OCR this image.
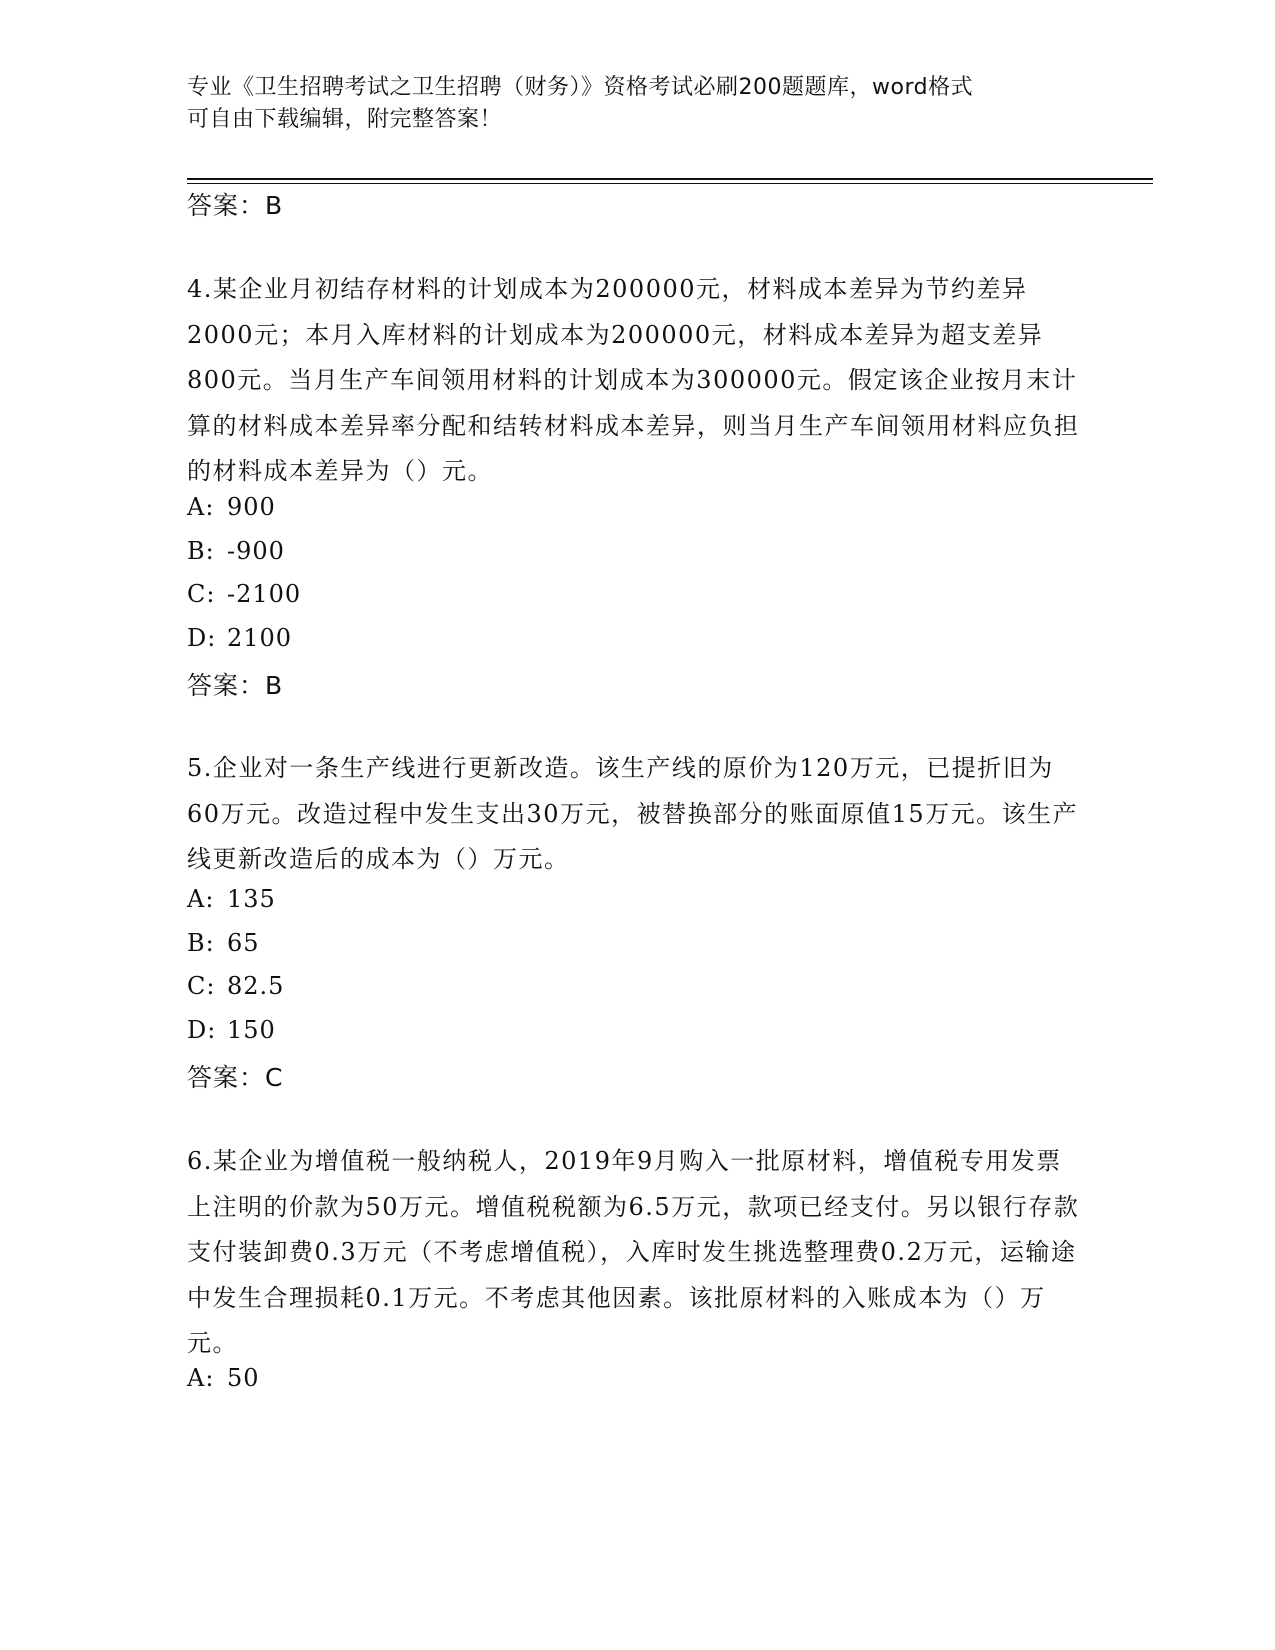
专业《卫生招聘考试之卫生招聘（财务）》资格考试必刷200题题库，word格式
可自由下载编辑，附完整答案！
答案：B
4.某企业月初结存材料的计划成本为200000元，材料成本差异为节约差异2000元；本月入库材料的计划成本为200000元，材料成本差异为超支差异800元。当月生产车间领用材料的计划成本为300000元。假定该企业按月末计算的材料成本差异率分配和结转材料成本差异，则当月生产车间领用材料应负担的材料成本差异为（）元。
A: 900
B: -900
C: -2100
D: 2100
答案：B
5.企业对一条生产线进行更新改造。该生产线的原价为120万元，已提折旧为60万元。改造过程中发生支出30万元，被替换部分的账面原值15万元。该生产线更新改造后的成本为（）万元。
A: 135
B: 65
C: 82.5
D: 150
答案：C
6.某企业为增值税一般纳税人，2019年9月购入一批原材料，增值税专用发票上注明的价款为50万元。增值税税额为6.5万元，款项已经支付。另以银行存款支付装卸费0.3万元（不考虑增值税），入库时发生挑选整理费0.2万元，运输途中发生合理损耗0.1万元。不考虑其他因素。该批原材料的入账成本为（）万元。
A: 50
